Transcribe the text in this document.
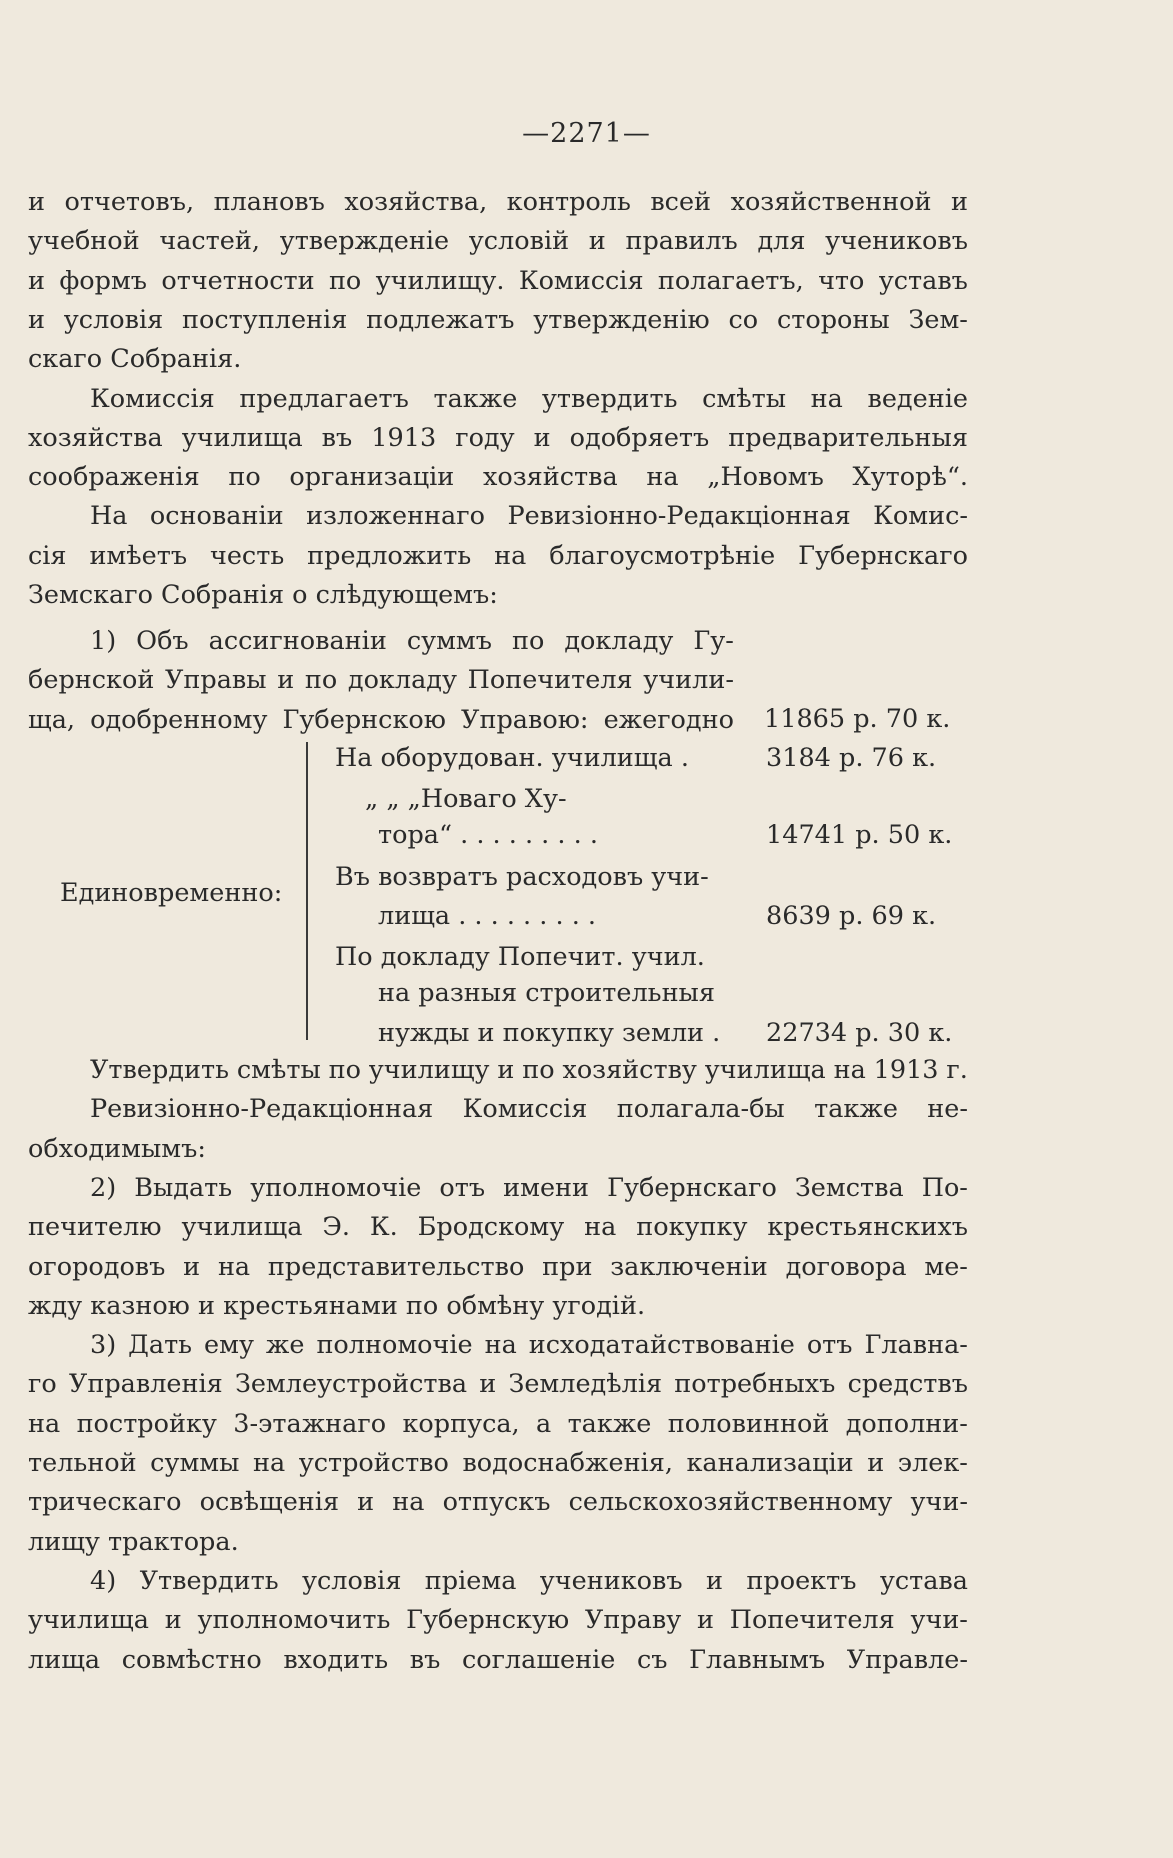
—2271—
и отчетовъ, плановъ хозяйства, контроль всей хозяйственной и
учебной частей, утвержденіе условій и правилъ для учениковъ
и формъ отчетности по училищу. Комиссія полагаетъ, что уставъ
и условія поступленія подлежатъ утвержденію со стороны Зем-
скаго Собранія.
Комиссія предлагаетъ также утвердить смѣты на веденіе
хозяйства училища въ 1913 году и одобряетъ предварительныя
соображенія по организаціи хозяйства на „Новомъ Хуторѣ“.
На основаніи изложеннаго Ревизіонно-Редакціонная Комис-
сія имѣетъ честь предложить на благоусмотрѣніе Губернскаго
Земскаго Собранія о слѣдующемъ:
1) Объ ассигнованіи суммъ по докладу Гу-
бернской Управы и по докладу Попечителя учили-
ща, одобренному Губернскою Управою: ежегодно 11865 р. 70 к.
Единовременно:
На оборудован. училища .	3184 р. 76 к.
„ „ „Новаго Ху-
тора“ . . . . . . . . .	14741 р. 50 к.
Въ возвратъ расходовъ учи-
лища . . . . . . . . .	8639 р. 69 к.
По докладу Попечит. учил.
на разныя строительныя
нужды и покупку земли . 22734 р. 30 к.
Утвердить смѣты по училищу и по хозяйству училища на 1913 г.
Ревизіонно-Редакціонная Комиссія полагала-бы также не-
обходимымъ:
2) Выдать уполномочіе отъ имени Губернскаго Земства По-
печителю училища Э. К. Бродскому на покупку крестьянскихъ
огородовъ и на представительство при заключеніи договора ме-
жду казною и крестьянами по обмѣну угодій.
3) Дать ему же полномочіе на исходатайствованіе отъ Главна-
го Управленія Землеустройства и Земледѣлія потребныхъ средствъ
на постройку 3-этажнаго корпуса, а также половинной дополни-
тельной суммы на устройство водоснабженія, канализаціи и элек-
трическаго освѣщенія и на отпускъ сельскохозяйственному учи-
лищу трактора.
4) Утвердить условія пріема учениковъ и проектъ устава
училища и уполномочить Губернскую Управу и Попечителя учи-
лища совмѣстно входить въ соглашеніе съ Главнымъ Управле-
